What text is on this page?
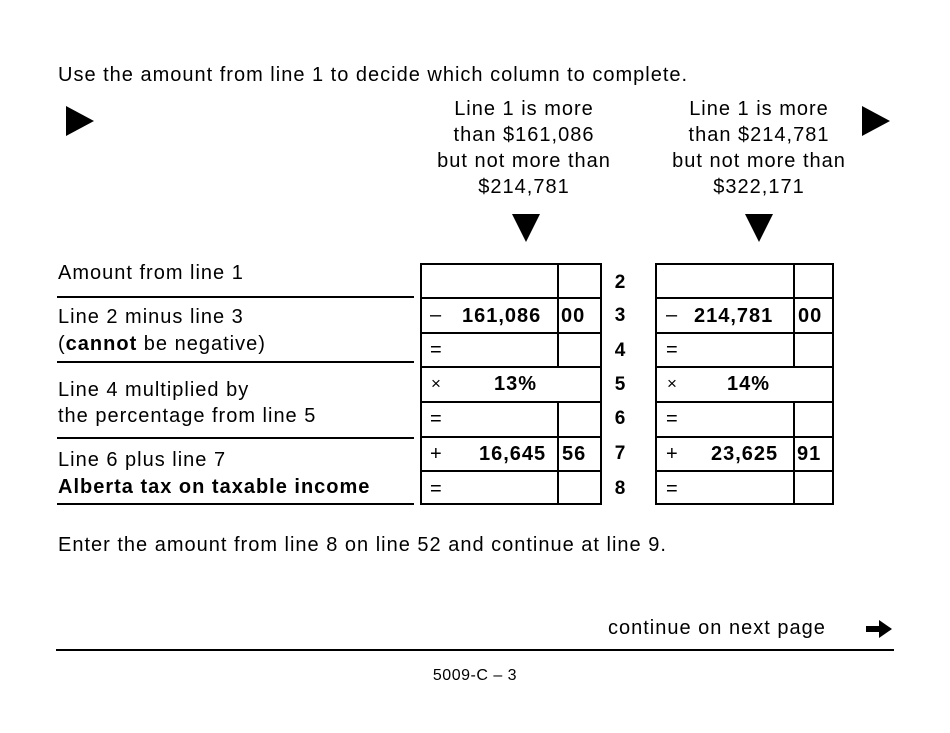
Use the amount from line 1 to decide which column to complete.
Line 1 is more
than $161,086
but not more than
$214,781
Line 1 is more
than $214,781
but not more than
$322,171
Amount from line 1
Line 2 minus line 3
(cannot be negative)
Line 4 multiplied by
the percentage from line 5
Line 6 plus line 7
Alberta tax on taxable income
– 161,086 00
=
×	13%
=
+ 16,645 56
=
2
3
4
5
6
7
8
– 214,781 00
=
×	14%
=
+ 23,625 91
=
Enter the amount from line 8 on line 52 and continue at line 9.
continue on next page
5009-C – 3
